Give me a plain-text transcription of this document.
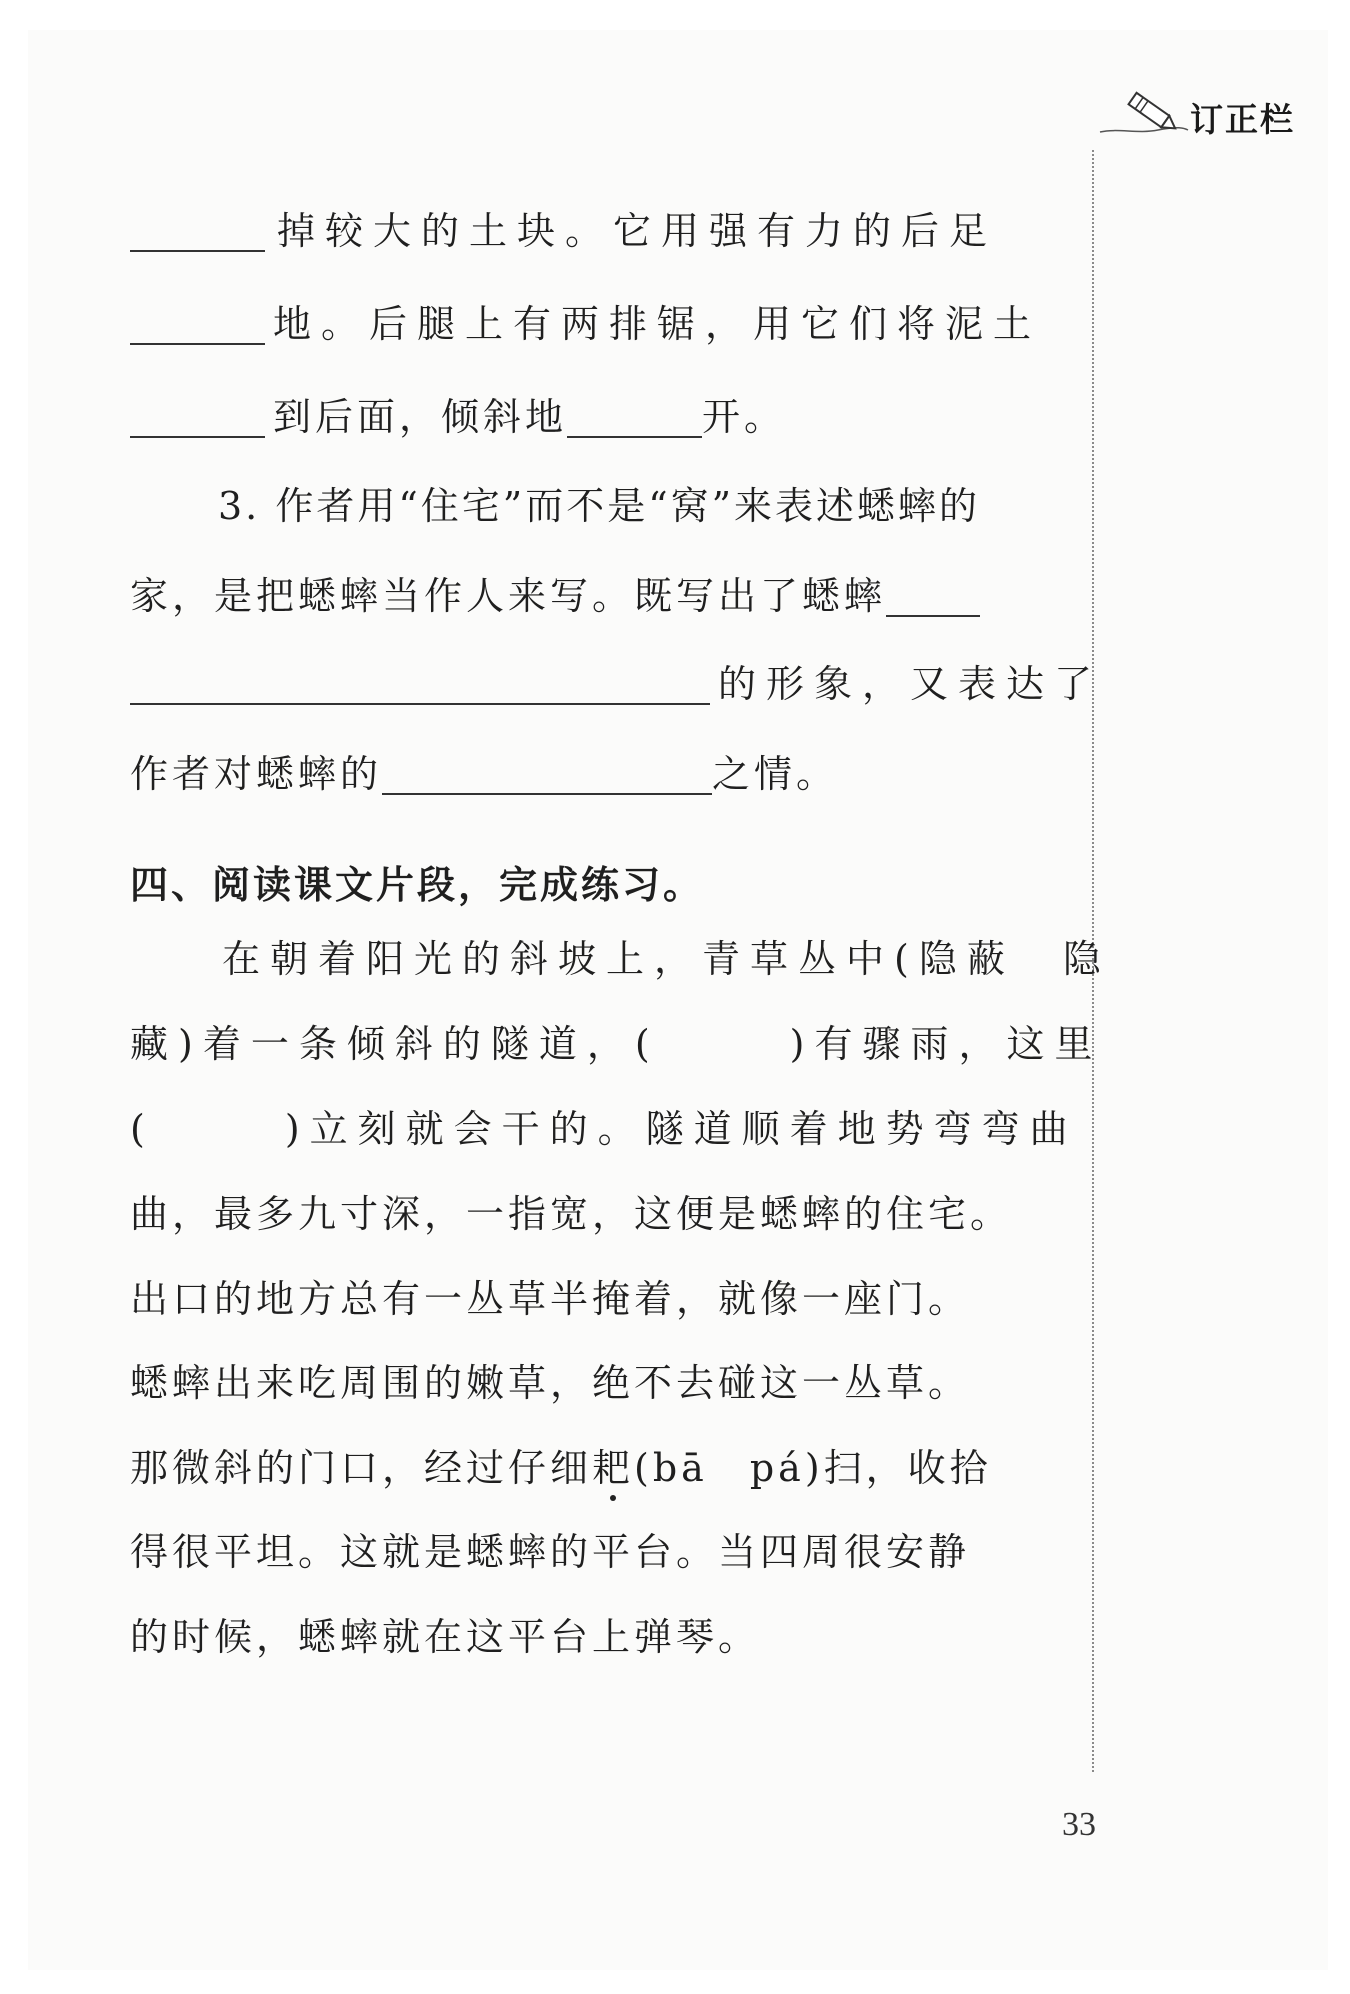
订正栏
掉较大的土块。它用强有力的后足
地。后腿上有两排锯，用它们将泥土
到后面，倾斜地	开。
3. 作者用“住宅”而不是“窝”来表述蟋蟀的
家，是把蟋蟀当作人来写。既写出了蟋蟀
的形象，又表达了
作者对蟋蟀的	之情。
四、阅读课文片段，完成练习。
在朝着阳光的斜坡上，青草丛中(隐蔽　隐
藏)着一条倾斜的隧道，(	)有骤雨，这里
(	)立刻就会干的。隧道顺着地势弯弯曲
曲，最多九寸深，一指宽，这便是蟋蟀的住宅。
出口的地方总有一丛草半掩着，就像一座门。
蟋蟀出来吃周围的嫩草，绝不去碰这一丛草。
那微斜的门口，经过仔细耙(bā　pá)扫，收拾
得很平坦。这就是蟋蟀的平台。当四周很安静
的时候，蟋蟀就在这平台上弹琴。
33
